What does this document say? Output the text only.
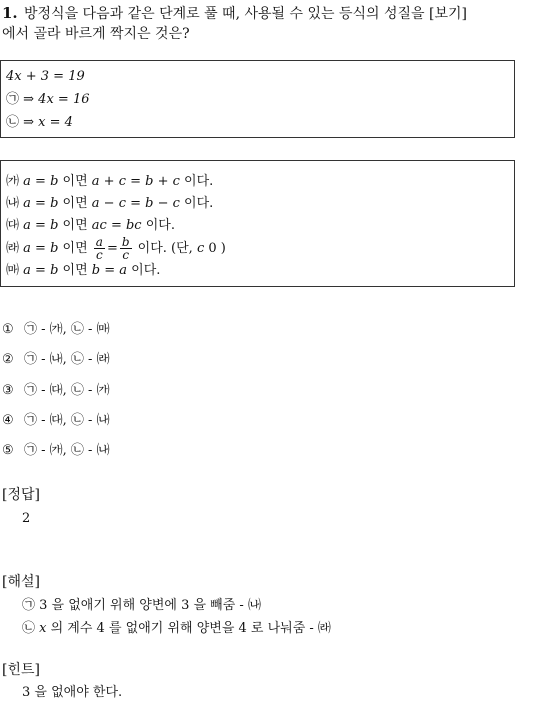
1. 방정식을 다음과 같은 단계로 풀 때, 사용될 수 있는 등식의 성질을 [보기]
에서 골라 바르게 짝지은 것은?
4x + 3 = 19
㉠ ⇒ 4x = 16
㉡ ⇒ x = 4
㈎ a = b 이면 a + c = b + c 이다.
㈏ a = b 이면 a − c = b − c 이다.
㈐ a = b 이면 ac = bc 이다.
㈑ a = b 이면 $\frac{a}{c} = \frac{b}{c}$ 이다. (단, c 0 )
㈒ a = b 이면 b = a 이다.
① ㉠ - ㈎, ㉡ - ㈒
② ㉠ - ㈏, ㉡ - ㈑
③ ㉠ - ㈐, ㉡ - ㈎
④ ㉠ - ㈐, ㉡ - ㈏
⑤ ㉠ - ㈎, ㉡ - ㈏
[정답]
2
[해설]
㉠ 3 을 없애기 위해 양변에 3 을 빼줌 - ㈏
㉡ x 의 계수 4 를 없애기 위해 양변을 4 로 나눠줌 - ㈑
[힌트]
3 을 없애야 한다.
